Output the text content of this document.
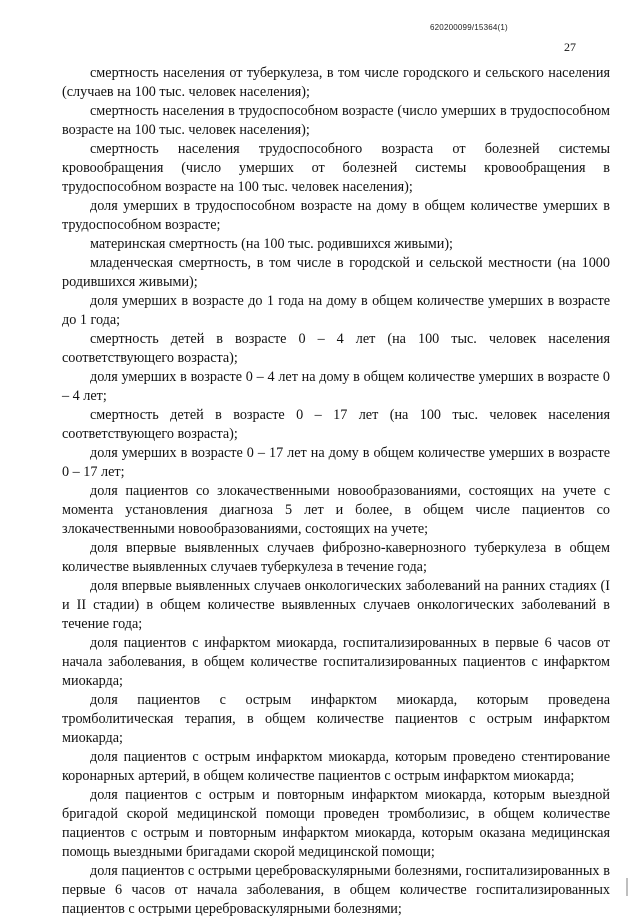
620200099/15364(1)
27

смертность населения от туберкулеза, в том числе городского и сельского населения (случаев на 100 тыс. человек населения);

смертность населения в трудоспособном возрасте (число умерших в трудоспособном возрасте на 100 тыс. человек населения);

смертность населения трудоспособного возраста от болезней системы кровообращения (число умерших от болезней системы кровообращения в трудоспособном возрасте на 100 тыс. человек населения);

доля умерших в трудоспособном возрасте на дому в общем количестве умерших в трудоспособном возрасте;

материнская смертность (на 100 тыс. родившихся живыми);

младенческая смертность, в том числе в городской и сельской местности (на 1000 родившихся живыми);

доля умерших в возрасте до 1 года на дому в общем количестве умерших в возрасте до 1 года;

смертность детей в возрасте 0 – 4 лет (на 100 тыс. человек населения соответствующего возраста);

доля умерших в возрасте 0 – 4 лет на дому в общем количестве умерших в возрасте 0 – 4 лет;

смертность детей в возрасте 0 – 17 лет (на 100 тыс. человек населения соответствующего возраста);

доля умерших в возрасте 0 – 17 лет на дому в общем количестве умерших в возрасте 0 – 17 лет;

доля пациентов со злокачественными новообразованиями, состоящих на учете с момента установления диагноза 5 лет и более, в общем числе пациентов со злокачественными новообразованиями, состоящих на учете;

доля впервые выявленных случаев фиброзно-кавернозного туберкулеза в общем количестве выявленных случаев туберкулеза в течение года;

доля впервые выявленных случаев онкологических заболеваний на ранних стадиях (I и II стадии) в общем количестве выявленных случаев онкологических заболеваний в течение года;

доля пациентов с инфарктом миокарда, госпитализированных в первые 6 часов от начала заболевания, в общем количестве госпитализированных пациентов с инфарктом миокарда;

доля пациентов с острым инфарктом миокарда, которым проведена тромболитическая терапия, в общем количестве пациентов с острым инфарктом миокарда;

доля пациентов с острым инфарктом миокарда, которым проведено стентирование коронарных артерий, в общем количестве пациентов с острым инфарктом миокарда;

доля пациентов с острым и повторным инфарктом миокарда, которым выездной бригадой скорой медицинской помощи проведен тромболизис, в общем количестве пациентов с острым и повторным инфарктом миокарда, которым оказана медицинская помощь выездными бригадами скорой медицинской помощи;

доля пациентов с острыми цереброваскулярными болезнями, госпитализированных в первые 6 часов от начала заболевания, в общем количестве госпитализированных пациентов с острыми цереброваскулярными болезнями;
